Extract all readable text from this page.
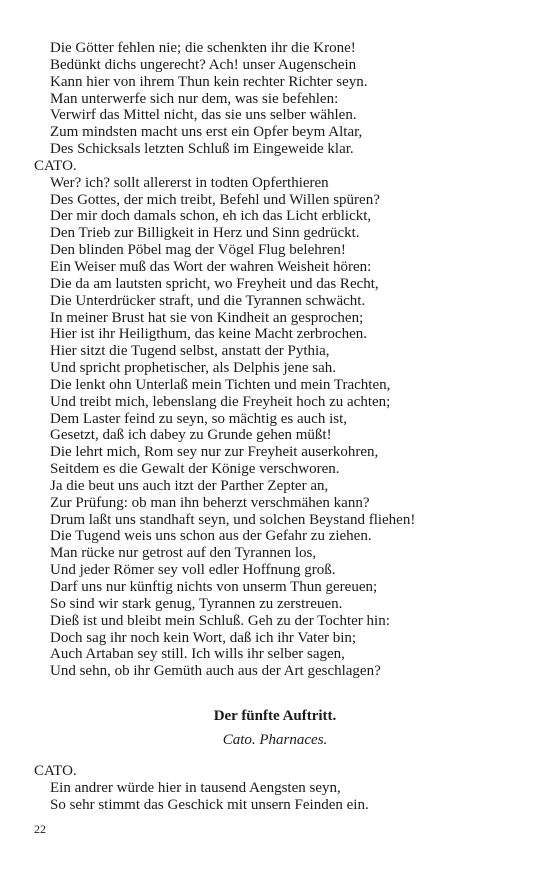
Die Götter fehlen nie; die schenkten ihr die Krone!
Bedünkt dichs ungerecht? Ach! unser Augenschein
Kann hier von ihrem Thun kein rechter Richter seyn.
Man unterwerfe sich nur dem, was sie befehlen:
Verwirf das Mittel nicht, das sie uns selber wählen.
Zum mindsten macht uns erst ein Opfer beym Altar,
Des Schicksals letzten Schluß im Eingeweide klar.
CATO.
Wer? ich? sollt allererst in todten Opferthieren
Des Gottes, der mich treibt, Befehl und Willen spüren?
Der mir doch damals schon, eh ich das Licht erblickt,
Den Trieb zur Billigkeit in Herz und Sinn gedrückt.
Den blinden Pöbel mag der Vögel Flug belehren!
Ein Weiser muß das Wort der wahren Weisheit hören:
Die da am lautsten spricht, wo Freyheit und das Recht,
Die Unterdrücker straft, und die Tyrannen schwächt.
In meiner Brust hat sie von Kindheit an gesprochen;
Hier ist ihr Heiligthum, das keine Macht zerbrochen.
Hier sitzt die Tugend selbst, anstatt der Pythia,
Und spricht prophetischer, als Delphis jene sah.
Die lenkt ohn Unterlaß mein Tichten und mein Trachten,
Und treibt mich, lebenslang die Freyheit hoch zu achten;
Dem Laster feind zu seyn, so mächtig es auch ist,
Gesetzt, daß ich dabey zu Grunde gehen müßt!
Die lehrt mich, Rom sey nur zur Freyheit auserkohren,
Seitdem es die Gewalt der Könige verschworen.
Ja die beut uns auch itzt der Parther Zepter an,
Zur Prüfung: ob man ihn beherzt verschmähen kann?
Drum laßt uns standhaft seyn, und solchen Beystand fliehen!
Die Tugend weis uns schon aus der Gefahr zu ziehen.
Man rücke nur getrost auf den Tyrannen los,
Und jeder Römer sey voll edler Hoffnung groß.
Darf uns nur künftig nichts von unserm Thun gereuen;
So sind wir stark genug, Tyrannen zu zerstreuen.
Dieß ist und bleibt mein Schluß. Geh zu der Tochter hin:
Doch sag ihr noch kein Wort, daß ich ihr Vater bin;
Auch Artaban sey still. Ich wills ihr selber sagen,
Und sehn, ob ihr Gemüth auch aus der Art geschlagen?
Der fünfte Auftritt.
Cato. Pharnaces.
CATO.
Ein andrer würde hier in tausend Aengsten seyn,
So sehr stimmt das Geschick mit unsern Feinden ein.
22
